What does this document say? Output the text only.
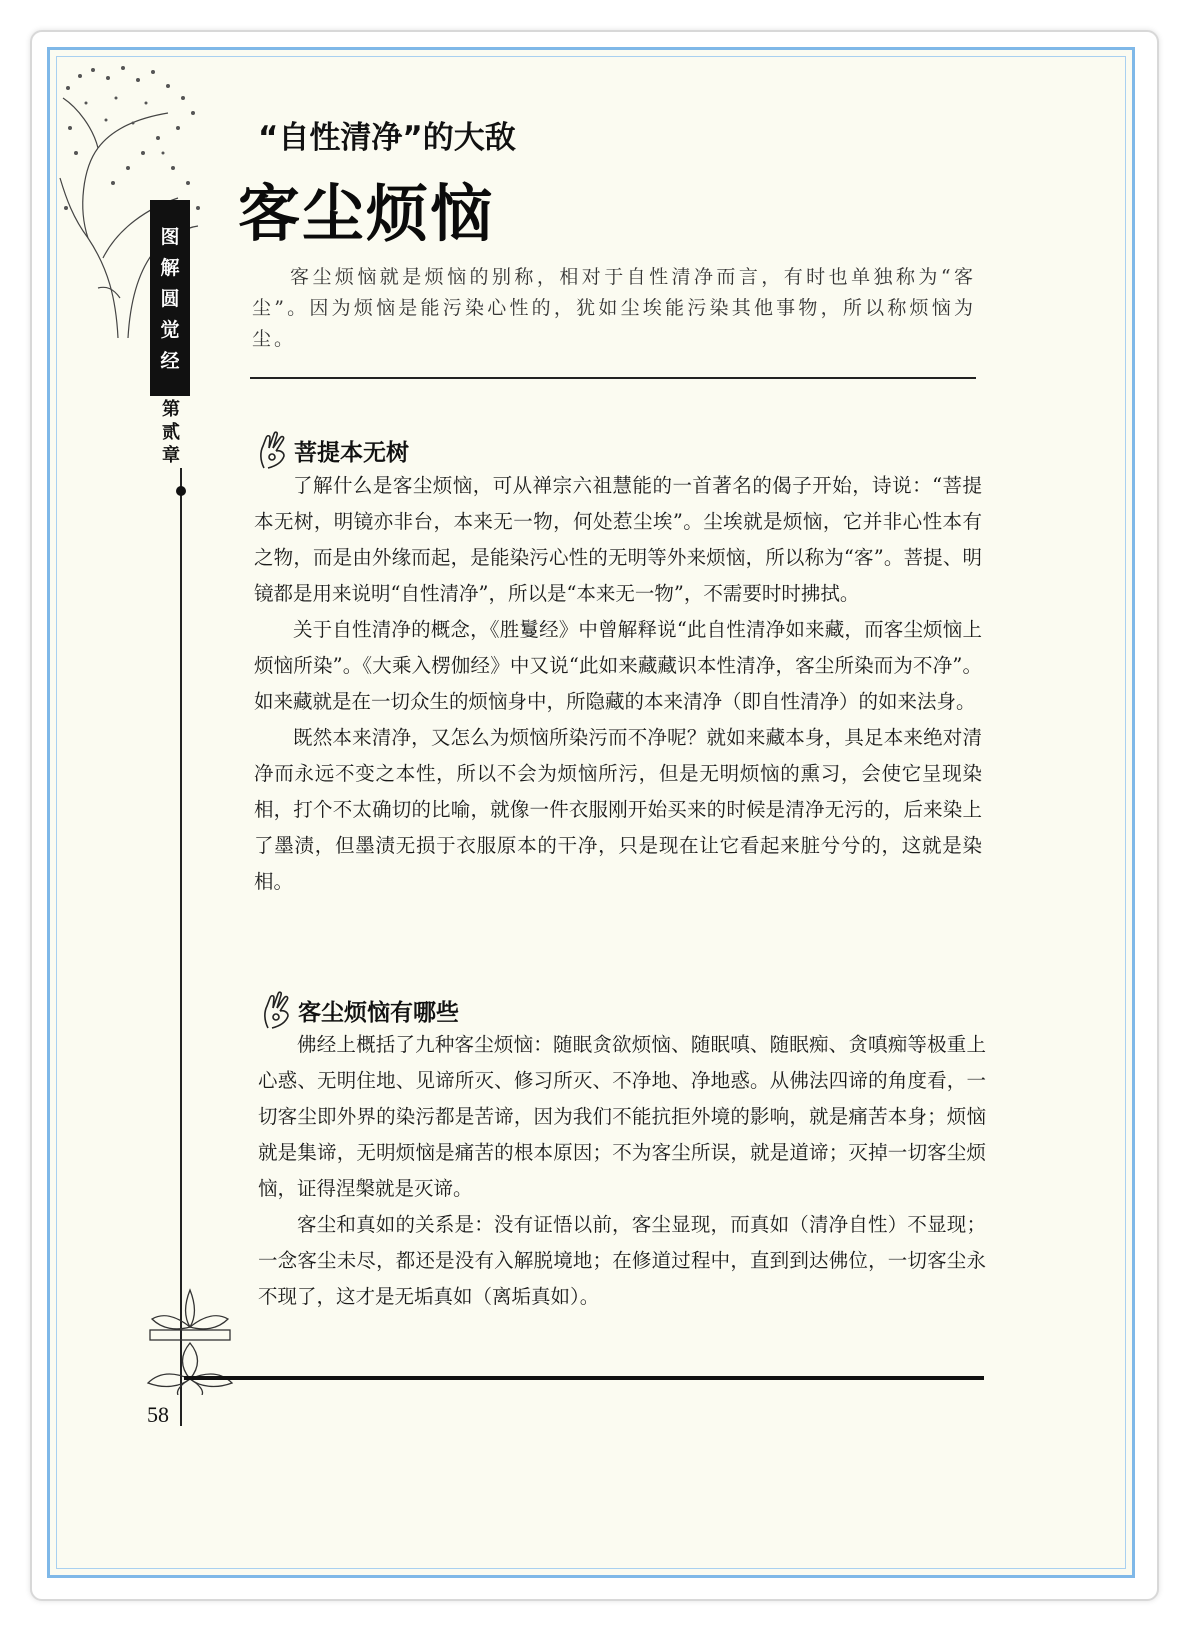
图解圆觉经
第贰章
“自性清净”的大敌
客尘烦恼
客尘烦恼就是烦恼的别称，相对于自性清净而言，有时也单独称为“客尘”。因为烦恼是能污染心性的，犹如尘埃能污染其他事物，所以称烦恼为尘。
菩提本无树

了解什么是客尘烦恼，可从禅宗六祖慧能的一首著名的偈子开始，诗说：“菩提本无树，明镜亦非台，本来无一物，何处惹尘埃”。尘埃就是烦恼，它并非心性本有之物，而是由外缘而起，是能染污心性的无明等外来烦恼，所以称为“客”。菩提、明镜都是用来说明“自性清净”，所以是“本来无一物”，不需要时时拂拭。

关于自性清净的概念，《胜鬘经》中曾解释说“此自性清净如来藏，而客尘烦恼上烦恼所染”。《大乘入楞伽经》中又说“此如来藏藏识本性清净，客尘所染而为不净”。如来藏就是在一切众生的烦恼身中，所隐藏的本来清净（即自性清净）的如来法身。

既然本来清净，又怎么为烦恼所染污而不净呢？就如来藏本身，具足本来绝对清净而永远不变之本性，所以不会为烦恼所污，但是无明烦恼的熏习，会使它呈现染相，打个不太确切的比喻，就像一件衣服刚开始买来的时候是清净无污的，后来染上了墨渍，但墨渍无损于衣服原本的干净，只是现在让它看起来脏兮兮的，这就是染相。

客尘烦恼有哪些

佛经上概括了九种客尘烦恼：随眠贪欲烦恼、随眠嗔、随眠痴、贪嗔痴等极重上心惑、无明住地、见谛所灭、修习所灭、不净地、净地惑。从佛法四谛的角度看，一切客尘即外界的染污都是苦谛，因为我们不能抗拒外境的影响，就是痛苦本身；烦恼就是集谛，无明烦恼是痛苦的根本原因；不为客尘所误，就是道谛；灭掉一切客尘烦恼，证得涅槃就是灭谛。

客尘和真如的关系是：没有证悟以前，客尘显现，而真如（清净自性）不显现；一念客尘未尽，都还是没有入解脱境地；在修道过程中，直到到达佛位，一切客尘永不现了，这才是无垢真如（离垢真如）。

58
